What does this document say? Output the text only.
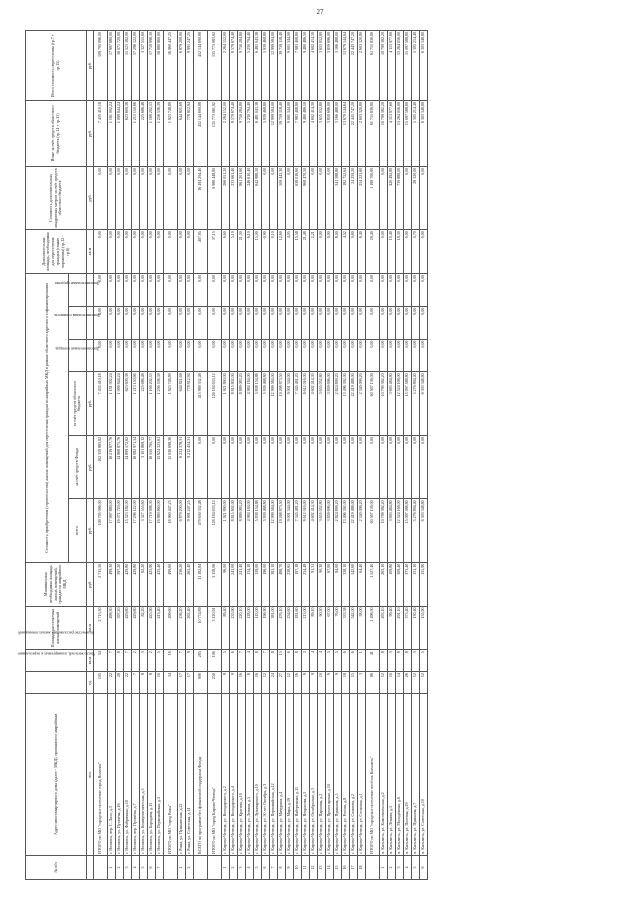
27
№ п/п	Адрес многоквартирного дома (далее - МКД), признанного аварийным	Число жителей, планируемых к переселению	Количество расселяемых жилых помещений	Площадь расселяемых жилых помещений	Минимальная необходимая площадь жилых помещений, граждан из аварийного МКД	Стоимость приобретения (строительства) жилых помещений для переселения граждан из аварийных МКД в рамках областного адресного софинансирования						Дополнительная площадь, необходимая для переселения граждан (свыше норматива) (гр.12 - гр.6)	Стоимость дополнительных квадратных метров за счёт средств областного бюджета	Иные за счёт средств областного бюджета (гр.14 + гр.15)	Итого стоимость переселения (гр.7 + гр.15)
						всего	за счёт средств Фонда	за счёт средств областного бюджета	Дополнительная площадь	Дополнительная стоимость	Дополнительные средства				
	чел.	ед.	кв.м	кв.м	руб.	руб.	руб.	руб.				кв.м	руб.	руб.	руб.
	ИТОГО по МО "городское поселение город Нолинск"	105	34	2 715,50	2 715,50	109 795 096,00	102 359 885,82	7 435 410,18	0,00	0,00	0,00	0,00	0,00	7 435 410,18	109 795 096,00
1	г. Нолинск, пер. С. Лазо, д.3	22	7	499,30	499,30	17 997 880,00	16 219 877,76	1 181 002,24	0,00	0,00	0,00	0,00	0,00	1 181 002,24	17 997 880,00
2	г. Нолинск, ул. Пугачёва, д.16	28	8	397,20	397,20	16 071 720,00	14 868 875,76	1 099 844,24	0,00	0,00	0,00	0,00	0,00	1 099 844,24	16 071 720,00
3	г. Нолинск, ул. Фабричная, д.10	22	7	429,80	429,80	15 523 182,00	14 899 572,62	623 609,38	0,00	0,00	0,00	0,00	0,00	623 609,38	15 523 182,00
4	г. Нолинск, пер. Пугачёва, д.7	7	2	429,80	429,80	17 296 122,00	16 082 971,34	1 213 150,66	0,00	0,00	0,00	0,00	0,00	1 213 150,66	17 296 122,00
5	г. Нолинск, ул. Коммунистическая, д.3	8	3	82,20	82,20	3 327 555,60	3 101 869,12	225 686,48	0,00	0,00	0,00	0,00	0,00	225 686,48	3 327 555,60
6	г. Нолинск, ул. Бородина, д.15	8	2	425,90	425,90	17 719 998,30	16 550 795,77	1 169 202,53	0,00	0,00	0,00	0,00	0,00	1 169 202,53	17 719 998,30
7	г. Нолинск, ул. Первомайская, д.5	10	5	413,40	413,40	16 880 860,00	15 624 323,61	1 256 536,39	0,00	0,00	0,00	0,00	0,00	1 256 536,39	16 880 860,00
	ИТОГО по МО "город Рижа"	34	16	499,60	499,60	16 960 447,25	15 036 698,36	1 923 748,89	0,00	0,00	0,00	0,00	0,00	1 923 748,89	16 960 447,25
1	г. Рижа, ул. Пушкинская, д.22	17	7	236,20	236,20	6 879 200,00	6 234 378,31	644 821,69	0,00	0,00	0,00	0,00	0,00	644 821,69	6 879 200,00
2	г. Рижа, ул. Советская, д.14	17	9	263,40	263,40	9 991 247,25	9 212 434,31	778 812,94	0,00	0,00	0,00	0,00	0,00	778 812,94	9 991 247,25
	ВСЕГО по программе без финансовой поддержки Фонда	906	285	10 774,89	11 182,84	479 630 352,48	0,00	415 989 332,48	0,00	0,00	0,00	407,95	16 494 294,40	452 144 690,88	452 144 690,88
	ИТОГО по МО "город Кирово-Чепецк"	250	106	3 120,91	3 158,06	126 184 633,12	0,00	126 184 633,12	0,00	0,00	0,00	37,15	9 988 448,80	135 773 081,92	135 773 081,92
1	г. Кирово-Чепецк, ул. Володарского, д.2	8	5	89,40	96,00	1 921 890,00	0,00	1 921 890,00	0,00	0,00	0,00	6,60	266 051,20	2 264 152,00	2 264 152,00
2	г. Кирово-Чепецк, ул. Володарского, д.4	9	6	235,90	241,00	8 815 802,00	0,00	8 815 802,00	0,00	0,00	0,00	5,10	233 661,40	8 579 674,40	8 579 674,40
3	г. Кирово-Чепецк, ул. Красина, д.10	16	7	220,10	241,40	8 889 083,20	0,00	8 889 083,20	0,00	0,00	0,00	21,30	861 201,60	9 750 284,80	9 750 284,80
4	г. Кирово-Чепецк, ул. Ленина, д.5	8	4	128,00	134,10	4 984 184,00	0,00	4 984 184,00	0,00	0,00	0,00	6,10	246 610,40	5 230 794,40	5 230 794,40
5	г. Кирово-Чепецк, ул. Луначарского, д.10	16	8	143,00	159,00	5 838 154,88	0,00	5 838 154,88	0,00	0,00	0,00	15,00	642 888,50	6 481 043,38	6 481 043,38
6	г. Кирово-Чепецк, ул. 50 лет Октября, д.3	12	7	196,90	196,00	5 939 468,80	0,00	5 939 468,80	0,00	0,00	0,00	-0,90	0,00	5 939 468,80	5 939 468,80
7	г. Кирово-Чепецк, ул. Первомайская, д.12	24	8	381,00	381,10	12 999 584,00	0,00	12 999 584,00	0,00	0,00	0,00	0,10	0,00	12 999 584,00	12 999 584,00
8	г. Кирово-Чепецк, ул. Мичурина, д.4	27	15	476,10	488,70	19 268 873,50	0,00	19 268 873,50	0,00	0,00	0,00	12,60	509 443,30	19 759 118,40	19 759 118,40
9	г. Кирово-Чепецк, ул. Мира, д.19	12	6	234,60	238,65	9 001 344,00	0,00	9 001 344,00	0,00	0,00	0,00	4,05	0,00	9 001 344,00	9 001 344,00
10	г. Кирово-Чепецк, ул. Набережная, д.11	16	8	181,60	197,18	7 345 481,20	0,00	7 345 481,20	0,00	0,00	0,00	15,58	638 016,60	7 983 408,80	7 983 408,80
11	г. Кирово-Чепецк, ул. Некрасова, д.5	8	3	213,00	234,48	8 612 016,00	0,00	8 612 016,00	0,00	0,00	0,00	21,48	868 470,50	9 480 486,50	9 480 486,50
12	г. Кирово-Чепецк, ул. Октябрьская, д.3	9	4	89,10	91,31	4 602 414,30	0,00	4 602 414,30	0,00	0,00	0,00	2,21	0,00	4 602 414,30	4 602 414,30
13	г. Кирово-Чепецк, ул. Парковая, д.2	10	4	90,30	90,30	3 655 052,80	0,00	3 655 052,80	0,00	0,00	0,00	0,00	0,00	3 655 052,80	3 655 052,80
14	г. Кирово-Чепецк, ул. Пролетарская, д.10	9	5	67,00	67,00	3 859 696,00	0,00	3 859 696,00	0,00	0,00	0,00	0,00	0,00	3 859 696,00	3 859 696,00
15	г. Кирово-Чепецк, ул. Пушкина, д.5	9	5	76,00	84,00	2 824 899,20	0,00	2 824 899,20	0,00	0,00	0,00	8,00	341 588,80	3 166 488,00	3 166 488,00
16	г. Кирово-Чепецк, ул. Россия, д.8	18	6	333,58	338,10	13 496 392,00	0,00	13 496 392,00	0,00	0,00	0,00	4,52	182 752,64	13 679 144,64	13 679 144,64
17	г. Кирово-Чепецк, ул. Сазанова, д.2	15	6	542,00	542,60	22 419 488,00	0,00	22 419 488,00	0,00	0,00	0,00	0,60	24 259,20	22 443 747,20	22 443 747,20
18	г. Кирово-Чепецк, ул. Сосновая, д.1	3	1	58,00	64,40	2 340 099,20	0,00	2 340 099,20	0,00	0,00	0,00	6,40	254 221,60	2 603 320,80	2 603 320,80
	ИТОГО по МО "городское поселение посёлок Кильмезь"	86	41	1 498,50	1 527,40	60 567 136,00	0,00	60 567 136,00	0,00	0,00	0,00	29,40	1 188 700,80	61 755 836,80	61 755 836,80
1	п. Кильмезь, ул. Комсомольская, д.2	12	8	263,10	263,10	10 799 382,20	0,00	10 799 382,20	0,00	0,00	0,00	0,00	0,00	10 799 382,20	10 799 382,20
2	п. Кильмезь, ул. Ленина, д.5	10	3	99,40	109,80	3 693 484,80	0,00	3 693 484,80	0,00	0,00	0,00	10,40	420 492,80	4 113 977,60	4 113 977,60
3	п. Кильмезь, ул. Молодёжная, д.6	14	6	291,10	309,40	12 524 168,00	0,00	12 524 168,00	0,00	0,00	0,00	18,30	739 888,00	13 264 056,00	13 264 056,00
4	п. Кильмезь, ул. Полевая, д.29	26	8	373,40	373,40	15 097 588,80	0,00	15 097 588,80	0,00	0,00	0,00	0,00	0,00	15 097 588,80	15 097 588,80
5	п. Кильмезь, ул. Пушкина, д.7	12	3	130,40	131,10	5 276 894,40	0,00	5 276 894,40	0,00	0,00	0,00	0,70	28 320,00	5 305 214,40	5 305 214,40
6	п. Кильмезь, ул. Советская, д.10	12	5	155,90	155,90	6 303 348,80	0,00	6 303 348,80	0,00	0,00	0,00	0,00	0,00	6 303 348,80	6 303 348,80
